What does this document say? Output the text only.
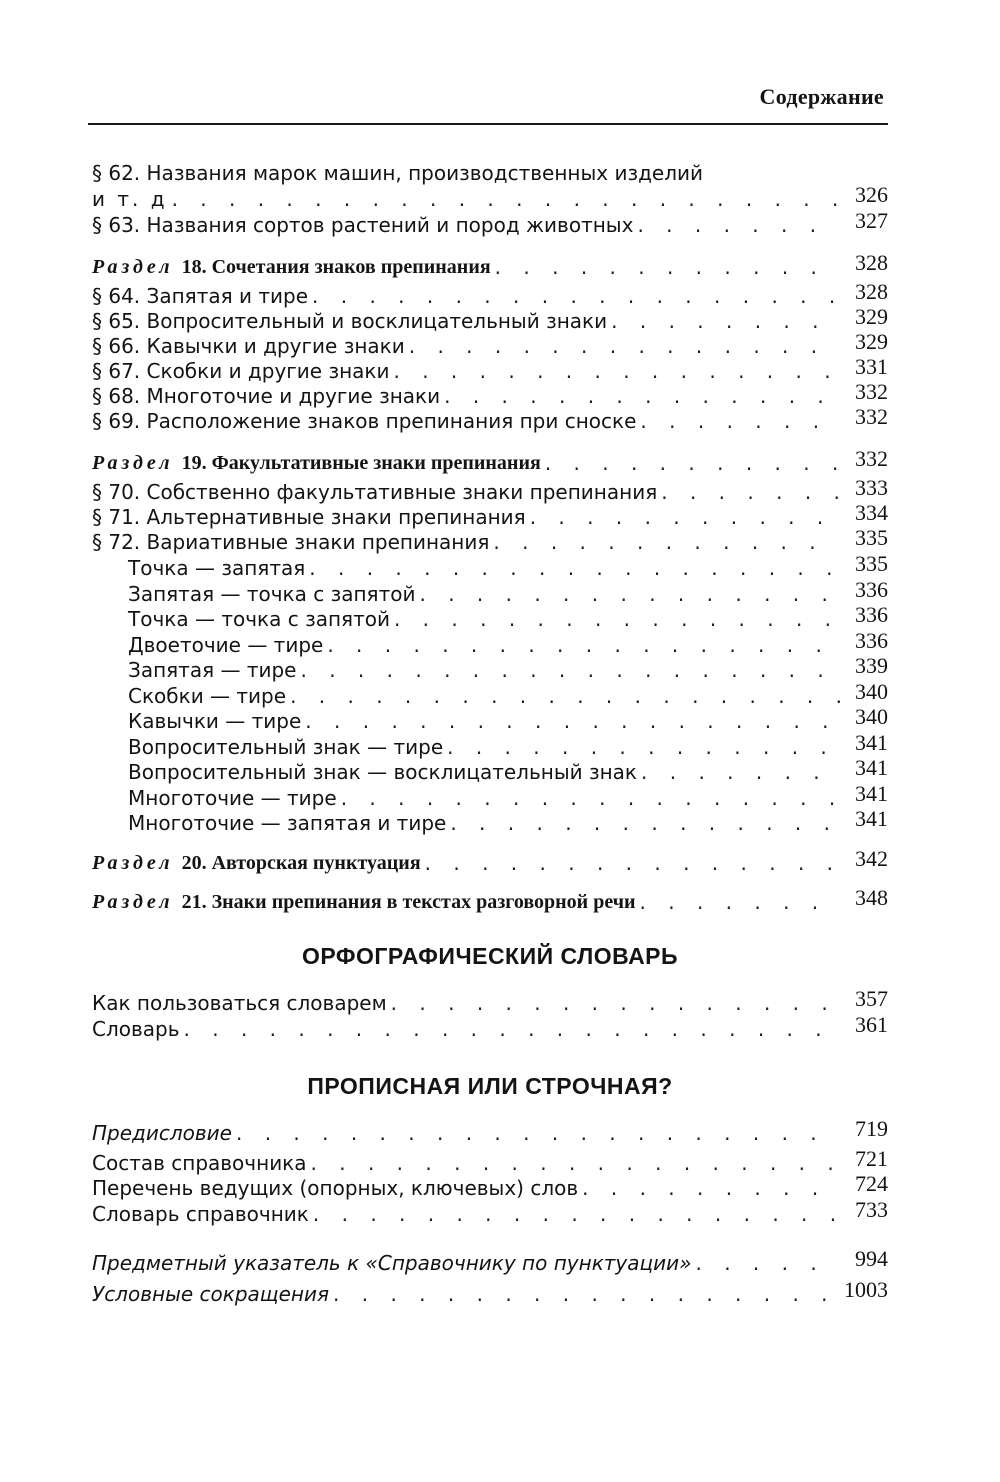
Содержание
§ 62. Названия марок машин, производственных изделий
и т. д . . .	326
§ 63. Названия сортов растений и пород животных . . .	327
Раздел 18. Сочетания знаков препинания . . .	328
§ 64. Запятая и тире . . .	328
§ 65. Вопросительный и восклицательный знаки . . .	329
§ 66. Кавычки и другие знаки . . .	329
§ 67. Скобки и другие знаки . . .	331
§ 68. Многоточие и другие знаки . . .	332
§ 69. Расположение знаков препинания при сноске . . .	332
Раздел 19. Факультативные знаки препинания . . .	332
§ 70. Собственно факультативные знаки препинания . . .	333
§ 71. Альтернативные знаки препинания . . .	334
§ 72. Вариативные знаки препинания . . .	335
Точка — запятая . . .	335
Запятая — точка с запятой . . .	336
Точка — точка с запятой . . .	336
Двоеточие — тире . . .	336
Запятая — тире . . .	339
Скобки — тире . . .	340
Кавычки — тире . . .	340
Вопросительный знак — тире . . .	341
Вопросительный знак — восклицательный знак . . .	341
Многоточие — тире . . .	341
Многоточие — запятая и тире . . .	341
Раздел 20. Авторская пунктуация . . .	342
Раздел 21. Знаки препинания в текстах разговорной речи . . .	348
ОРФОГРАФИЧЕСКИЙ СЛОВАРЬ
Как пользоваться словарем . . .	357
Словарь . . .	361
ПРОПИСНАЯ ИЛИ СТРОЧНАЯ?
Предисловие . . .	719
Состав справочника . . .	721
Перечень ведущих (опорных, ключевых) слов . . .	724
Словарь справочник . . .	733
Предметный указатель к «Справочнику по пунктуации» . . .	994
Условные сокращения . . .	1003
